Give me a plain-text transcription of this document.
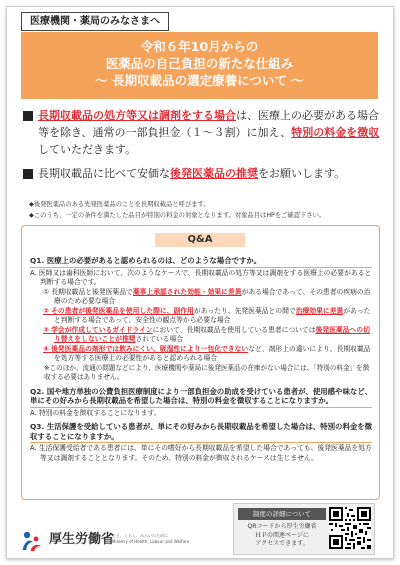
医療機関・薬局のみなさまへ
令和６年10月からの
医薬品の自己負担の新たな仕組み
～ 長期収載品の選定療養について ～
長期収載品の処方等又は調剤をする場合は、医療上の必要がある場合等を除き、通常の一部負担金（１～３割）に加え、特別の料金を徴収していただきます。
長期収載品に比べて安価な後発医薬品の推奨をお願いします。
◆後発医薬品のある先発医薬品のことを長期収載品と呼びます。
◆このうち、一定の条件を満たした品目が特別の料金の対象となります。対象品目はHPをご確認下さい。
Q&A
Q1. 医療上の必要があると認められるのは、どのような場合ですか。
A. 医師又は歯科医師において、次のようなケースで、長期収載品の処方等又は調剤をする医療上の必要があると判断する場合です。
① 長期収載品と後発医薬品で薬事上承認された効能・効果に差異がある場合であって、その患者の疾病の治療のため必要な場合
② その患者が後発医薬品を使用した際に、副作用があったり、先発医薬品との間で治療効果に差異があったと判断する場合であって、安全性の観点等から必要な場合
③ 学会が作成しているガイドラインにおいて、長期収載品を使用している患者については後発医薬品への切り替えをしないことが推奨されている場合
④ 後発医薬品の剤形では飲みにくい、吸湿性により一包化できないなど、剤形上の違いにより、長期収載品を処方等する医療上の必要性があると認められる場合
※このほか、流通の問題などにより、医療機関や薬局に後発医薬品の在庫がない場合には、「特別の料金」を徴収する必要はありません。
Q2. 国や地方単独の公費負担医療制度により一部負担金の助成を受けている患者が、使用感や味など、単にその好みから長期収載品を希望した場合は、特別の料金を徴収することになりますか。
A. 特別の料金を徴収することになります。
Q3. 生活保護を受給している患者が、単にその好みから長期収載品を希望した場合は、特別の料金を徴収することになりますか。
A. 生活保護受給者である患者には、単にその嗜好から長期収載品を希望した場合であっても、後発医薬品を処方等又は調剤することとなります。そのため、特別の料金が徴収されるケースは生じません。
厚生労働省
ひと、くらし、みらいのために
Ministry of Health, Labour and Welfare
制度の詳細について
QRコードから厚生労働省
ＨＰの関連ページに
アクセスできます。
